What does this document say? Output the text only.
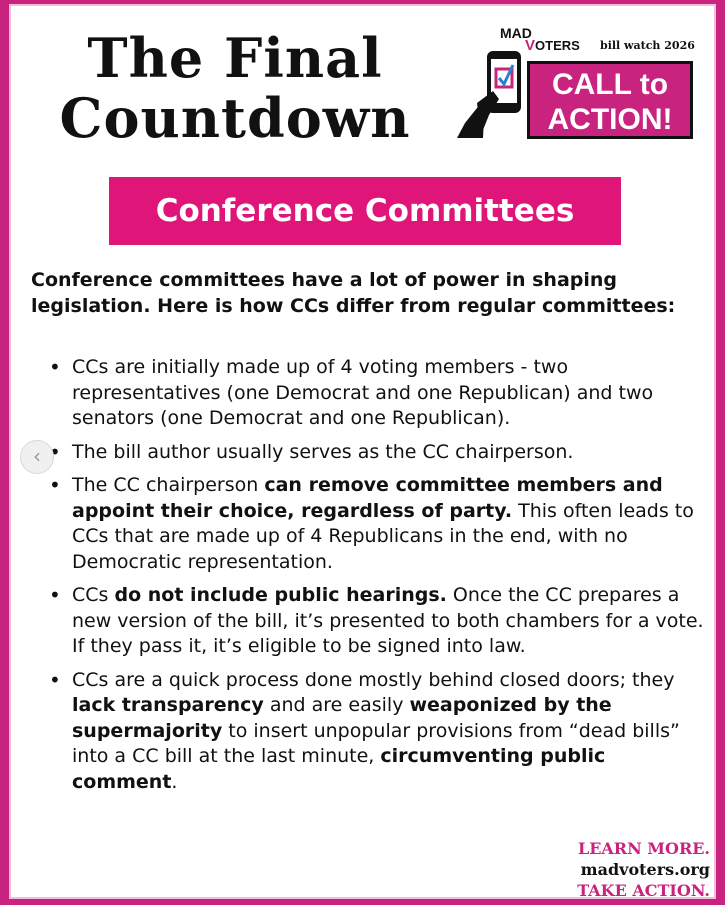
The Final
Countdown
MAD
VOTERS bill watch 2026
CALL to
ACTION!
Conference Committees

Conference committees have a lot of power in shaping legislation. Here is how CCs differ from regular committees:

• CCs are initially made up of 4 voting members - two representatives (one Democrat and one Republican) and two senators (one Democrat and one Republican).
• The bill author usually serves as the CC chairperson.
• The CC chairperson can remove committee members and appoint their choice, regardless of party. This often leads to CCs that are made up of 4 Republicans in the end, with no Democratic representation.
• CCs do not include public hearings. Once the CC prepares a new version of the bill, it’s presented to both chambers for a vote. If they pass it, it’s eligible to be signed into law.
• CCs are a quick process done mostly behind closed doors; they lack transparency and are easily weaponized by the supermajority to insert unpopular provisions from “dead bills” into a CC bill at the last minute, circumventing public comment.
‹
LEARN MORE.
madvoters.org
TAKE ACTION.
